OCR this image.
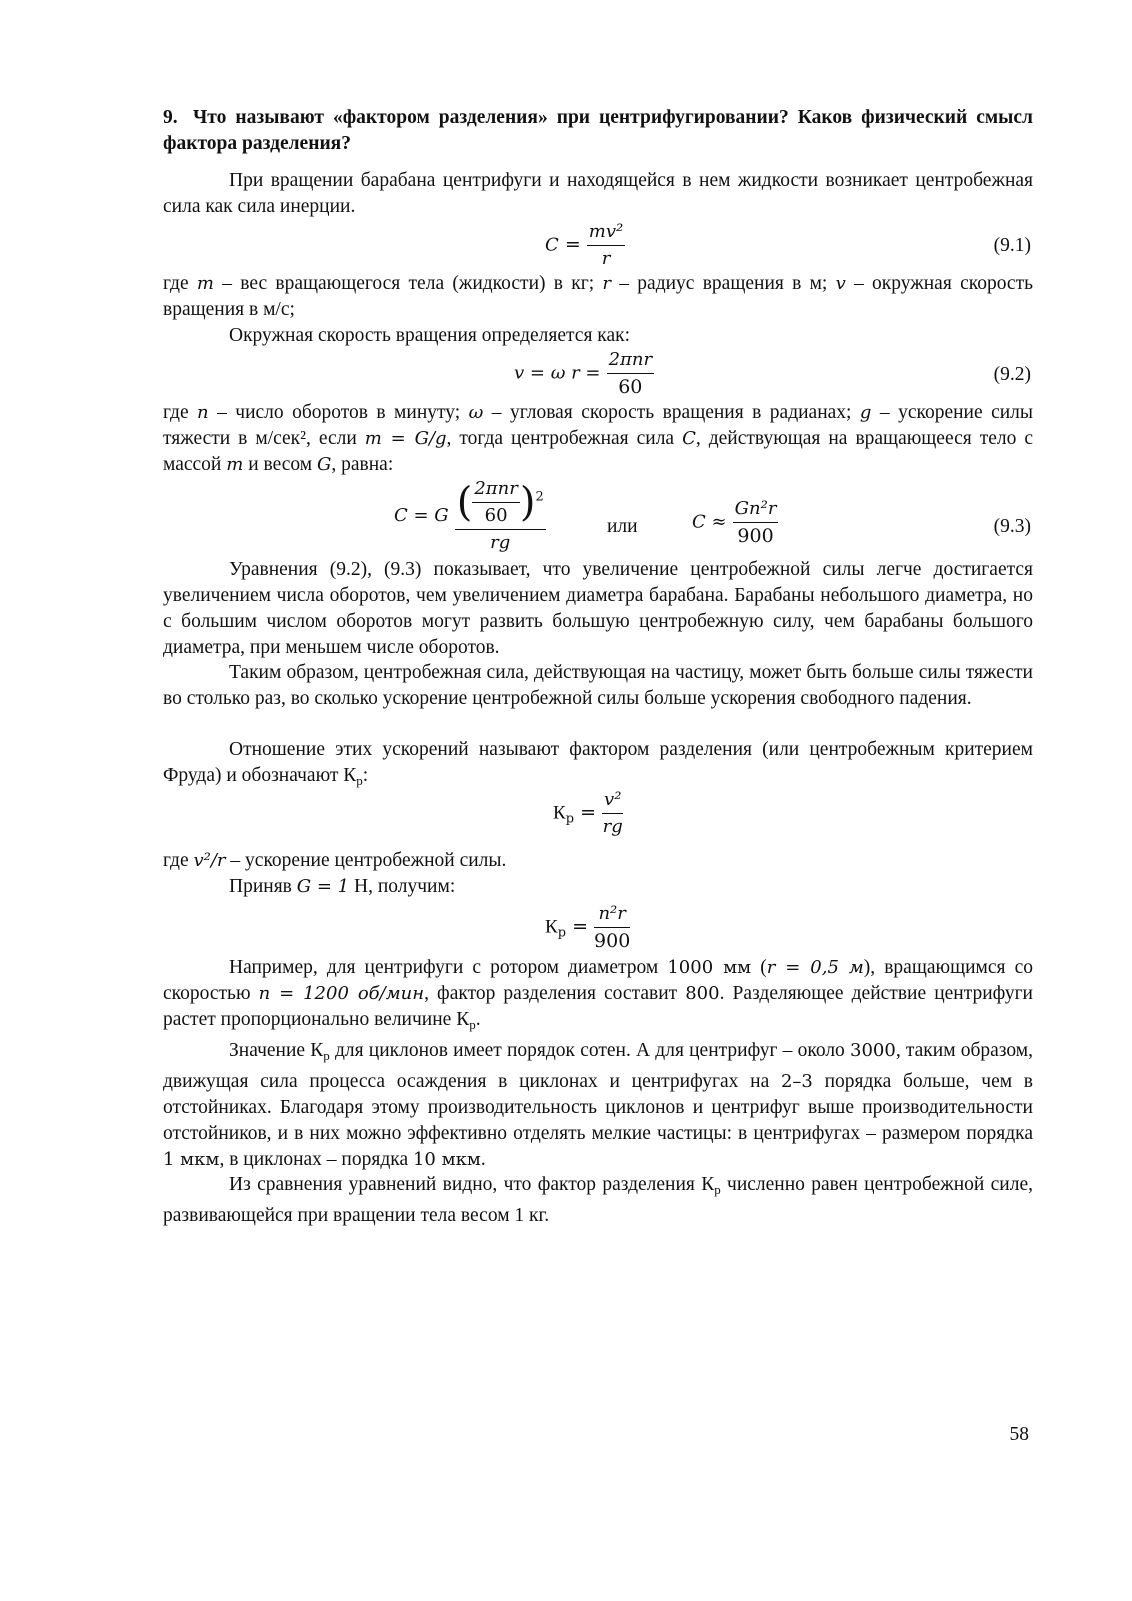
9. Что называют «фактором разделения» при центрифугировании? Каков физический смысл фактора разделения?
При вращении барабана центрифуги и находящейся в нем жидкости возникает центробежная сила как сила инерции.
$C = \frac{\text{mv²}}{r}$	(9.1)
где m – вес вращающегося тела (жидкости) в кг; r – радиус вращения в м; v – окружная скорость вращения в м/с;
Окружная скорость вращения определяется как:
v = ω $r = \frac{\text{2πnr}}{60}$	(9.2)
где n – число оборотов в минуту; ω – угловая скорость вращения в радианах; g – ускорение силы тяжести в м/сек², если m = G/g, тогда центробежная сила C, действующая на вращающееся тело с массой m и весом G, равна:
C = G $\frac{( \frac{\text{2πnr}}{60} )^2}{rg}$	или	$C \approx \frac{\text{Gn²r}}{900}$	(9.3)
Уравнения (9.2), (9.3) показывает, что увеличение центробежной силы легче достигается увеличением числа оборотов, чем увеличением диаметра барабана. Барабаны небольшого диаметра, но с большим числом оборотов могут развить большую центробежную силу, чем барабаны большого диаметра, при меньшем числе оборотов.
Таким образом, центробежная сила, действующая на частицу, может быть больше силы тяжести во столько раз, во сколько ускорение центробежной силы больше ускорения свободного падения.
Отношение этих ускорений называют фактором разделения (или центробежным критерием Фруда) и обозначают $К_р$:
$К_р = \frac{\text{v²}}{rg}$
где v²/r – ускорение центробежной силы.
Приняв G = 1 Н, получим:
$К_р = \frac{\text{n²r}}{900}$
Например, для центрифуги с ротором диаметром 1000 мм (r = 0,5 м), вращающимся со скоростью n = 1200 об/мин, фактор разделения составит 800. Разделяющее действие центрифуги растет пропорционально величине $К_р$.
Значение $К_р$ для циклонов имеет порядок сотен. А для центрифуг – около 3000, таким образом, движущая сила процесса осаждения в циклонах и центрифугах на 2–3 порядка больше, чем в отстойниках. Благодаря этому производительность циклонов и центрифуг выше производительности отстойников, и в них можно эффективно отделять мелкие частицы: в центрифугах – размером порядка 1 мкм, в циклонах – порядка 10 мкм.
Из сравнения уравнений видно, что фактор разделения $К_р$ численно равен центробежной силе, развивающейся при вращении тела весом 1 кг.
58
